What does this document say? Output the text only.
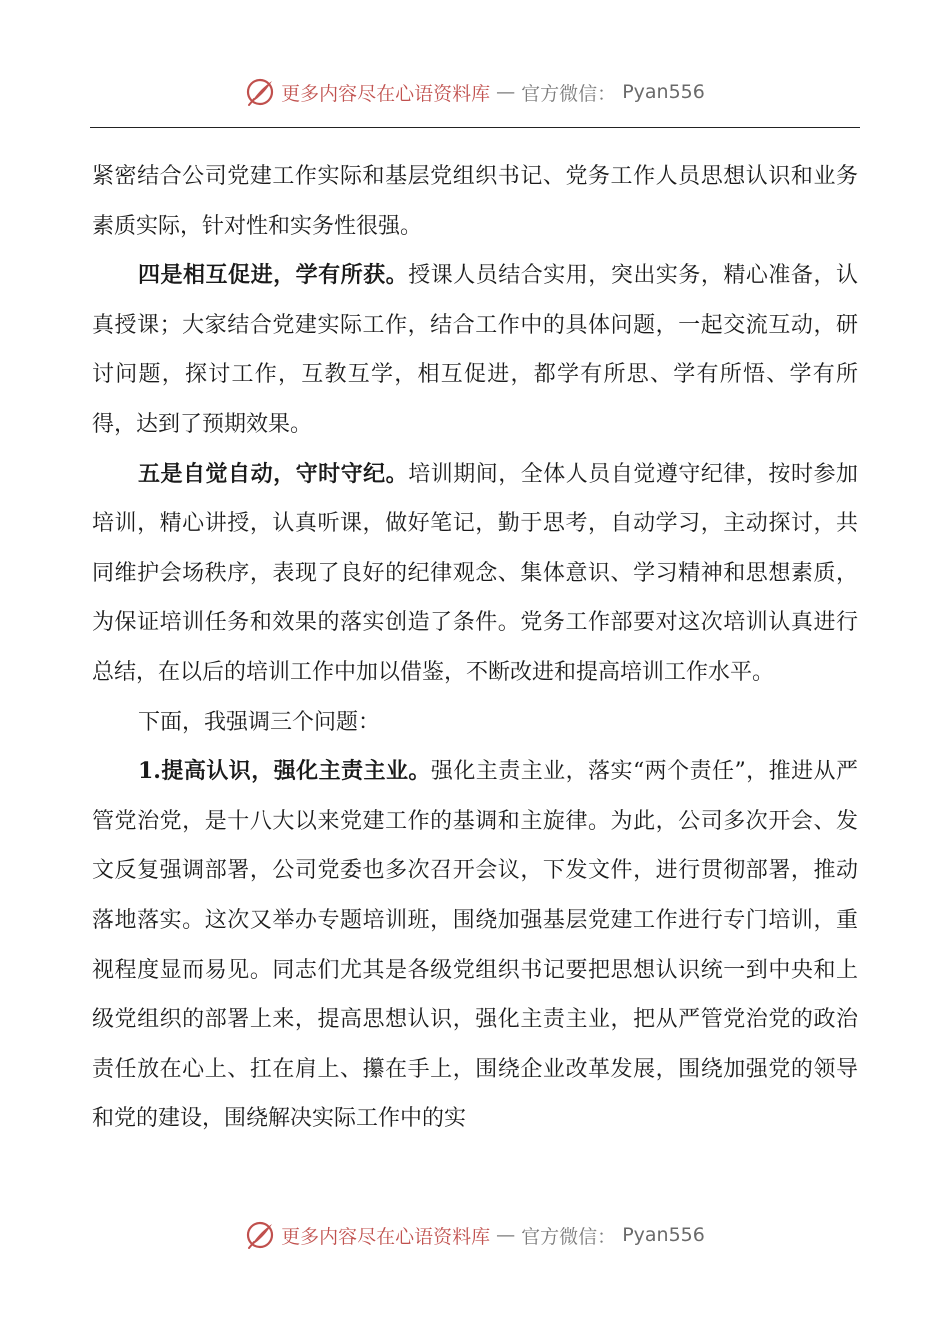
更多内容尽在心语资料库 — 官方微信： Pyan556

紧密结合公司党建工作实际和基层党组织书记、党务工作人员思想认识和业务素质实际，针对性和实务性很强。

四是相互促进，学有所获。授课人员结合实用，突出实务，精心准备，认真授课；大家结合党建实际工作，结合工作中的具体问题，一起交流互动，研讨问题，探讨工作，互教互学，相互促进，都学有所思、学有所悟、学有所得，达到了预期效果。

五是自觉自动，守时守纪。培训期间，全体人员自觉遵守纪律，按时参加培训，精心讲授，认真听课，做好笔记，勤于思考，自动学习，主动探讨，共同维护会场秩序，表现了良好的纪律观念、集体意识、学习精神和思想素质，为保证培训任务和效果的落实创造了条件。党务工作部要对这次培训认真进行总结，在以后的培训工作中加以借鉴，不断改进和提高培训工作水平。

下面，我强调三个问题：

1.提高认识，强化主责主业。强化主责主业，落实“两个责任”，推进从严管党治党，是十八大以来党建工作的基调和主旋律。为此，公司多次开会、发文反复强调部署，公司党委也多次召开会议，下发文件，进行贯彻部署，推动落地落实。这次又举办专题培训班，围绕加强基层党建工作进行专门培训，重视程度显而易见。同志们尤其是各级党组织书记要把思想认识统一到中央和上级党组织的部署上来，提高思想认识，强化主责主业，把从严管党治党的政治责任放在心上、扛在肩上、攥在手上，围绕企业改革发展，围绕加强党的领导和党的建设，围绕解决实际工作中的实

更多内容尽在心语资料库 — 官方微信： Pyan556
